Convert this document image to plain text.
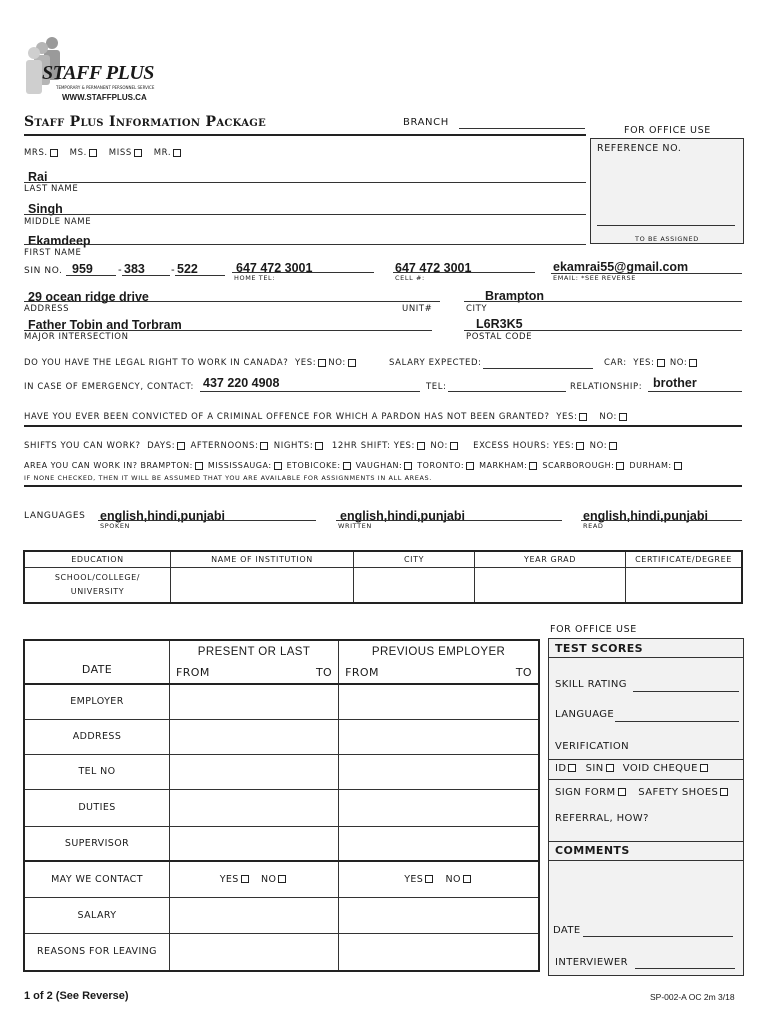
STAFF PLUS
TEMPORARY & PERMANENT PERSONNEL SERVICE
WWW.STAFFPLUS.CA
Staff Plus Information Package	BRANCH
FOR OFFICE USE
REFERENCE NO.
TO BE ASSIGNED
MRS.	MS.	MISS	MR.
Rai
LAST NAME
Singh
MIDDLE NAME
Ekamdeep
FIRST NAME
SIN NO. 959 - 383 - 522	647 472 3001
HOME TEL:
647 472 3001
CELL #:
ekamrai55@gmail.com
EMAIL: *SEE REVERSE
29 ocean ridge drive
ADDRESS	UNIT#
Brampton
CITY
Father Tobin and Torbram
MAJOR INTERSECTION
L6R3K5
POSTAL CODE
DO YOU HAVE THE LEGAL RIGHT TO WORK IN CANADA? YES: NO:	SALARY EXPECTED:	CAR: YES: NO:
IN CASE OF EMERGENCY, CONTACT: 437 220 4908	TEL:	RELATIONSHIP: brother
HAVE YOU EVER BEEN CONVICTED OF A CRIMINAL OFFENCE FOR WHICH A PARDON HAS NOT BEEN GRANTED? YES:	NO:
SHIFTS YOU CAN WORK? DAYS: AFTERNOONS: NIGHTS: 12HR SHIFT: YES: NO:	EXCESS HOURS: YES: NO:
AREA YOU CAN WORK IN? BRAMPTON: MISSISSAUGA: ETOBICOKE: VAUGHAN: TORONTO: MARKHAM: SCARBOROUGH: DURHAM:
IF NONE CHECKED, THEN IT WILL BE ASSUMED THAT YOU ARE AVAILABLE FOR ASSIGNMENTS IN ALL AREAS.
LANGUAGES english,hindi,punjabi
SPOKEN
english,hindi,punjabi
WRITTEN
english,hindi,punjabi
READ
EDUCATION	NAME OF INSTITUTION	CITY	YEAR GRAD	CERTIFICATE/DEGREE
SCHOOL/COLLEGE/
UNIVERSITY				
DATE	PRESENT OR LAST	PREVIOUS EMPLOYER
	FROM TO	FROM TO

EMPLOYER		
ADDRESS		
TEL NO		
DUTIES		
SUPERVISOR		
MAY WE CONTACT	YES NO	YES NO
SALARY		
REASONS FOR LEAVING		
FOR OFFICE USE
TEST SCORES
SKILL RATING
LANGUAGE
VERIFICATION
ID SIN VOID CHEQUE
SIGN FORM SAFETY SHOES
REFERRAL, HOW?
COMMENTS
DATE
INTERVIEWER
1 of 2 (See Reverse)	SP-002-A OC 2m 3/18
